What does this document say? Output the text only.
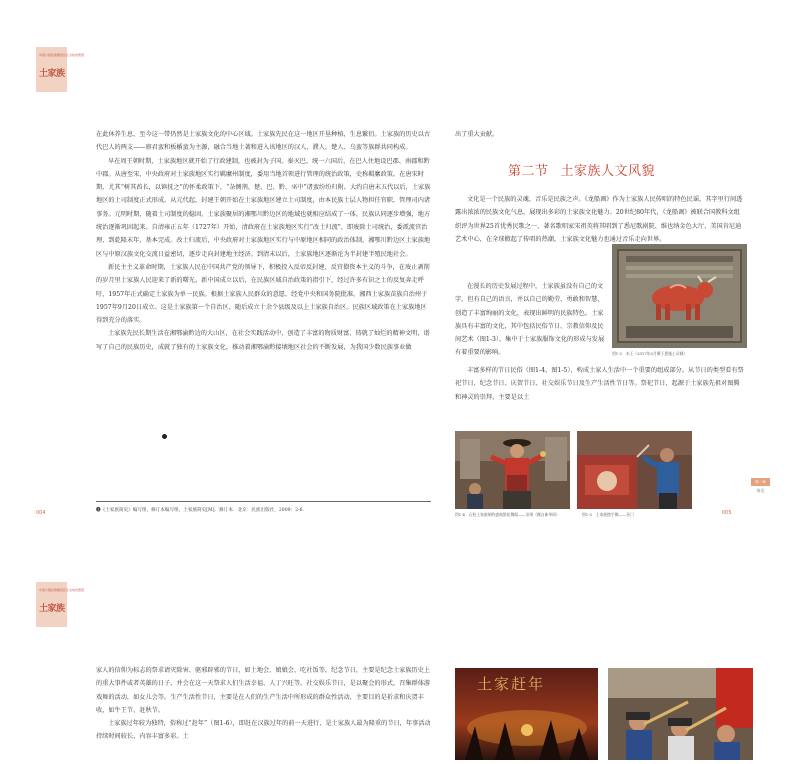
中国少数民族聚居区生态地质图册
土家族

在此休养生息，至今这一带仍然是土家族文化的中心区域。土家族先民在这一地区开垦种植，生息繁衍。土家族的历史以古代巴人的两支——廪君蛮和板楯蛮为主源，融合当地土著和进入该地区的汉人、濮人、楚人、乌蛮等族群共同构成。

早在周王朝时期，土家族地区就开始了行政建制，也被封为子国。秦灭巴，统一六国后，在巴人住地设巴郡、南郡和黔中郡。从唐至宋，中央政府对土家族地区实行羁縻州制度，委用当地首领进行管理的统治政策，史称羁縻政策。在唐宋时期，尤其“树其酋长，以镇抚之”的怀柔政策下，“杂侧荆、楚、巴、黔、巫中”诸蛮纷纷归附。大约自唐末五代以后，土家族地区的土司制度正式形成。从元代起，封建王朝开始在土家族地区建立土司制度，由本民族土层人物担任官职，管理司内诸事务。元明时期，随着土司制度的稳固，土家族聚居的湘鄂川黔边区的地域也就相应结成了一体，民族认同逐步增强，地方统治逐渐巩固起来。自清雍正五年（1727年）开始，清政府在土家族地区实行“改土归流”，即废除土司统治，委派流官治理，到乾隆末年，基本完成。改土归流后，中央政府对土家族地区实行与中原地区相同的政治体制，湘鄂川黔边区土家族地区与中原汉族文化交流日益密切，逐步走向封建地主经济。到清末以后，土家族地区逐渐沦为半封建半殖民地社会。

新民主主义革命时期，土家族人民在中国共产党的领导下，积极投入反帝反封建、反官僚资本主义的斗争，在废止剥削的岁月里土家族人民迎来了新的曙光。新中国成立以后，在民族区域自治政策的指引下，经过许多有识之士的反复奔走呼吁，1957年正式确定土家族为单一民族。根据土家族人民群众的意愿，经党中央和国务院批准，湘西土家族苗族自治州于1957年9月20日成立。这是土家族第一个自治区，随后成立十余个县级及以上土家族自治区。民族区域政策在土家族地区得到充分的落实。

土家族先民长期生活在湘鄂渝黔边的大山区，在社会实践活动中，创造了丰富的物质财富，铸就了灿烂的精神文明，谱写了自己的民族历史，成就了独有的土家族文化，推动着湘鄂渝黔接壤地区社会的不断发展，为我国少数民族事业做

❶《土家族简史》编写组，修订本编写组，土家族简史[M]．修订本．北京：民族出版社，2009：2-6．
004

出了重大贡献。

第二节 土家族人文风貌

文化是一个民族的灵魂，音乐是民族之声。《龙船调》作为土家族人民传唱的特色民谣，其字里行间透露出浓浓的民族文化气息，展现出多彩的土家族文化魅力。20世纪80年代，《龙船调》被联合国教科文组织评为世界25首优秀民歌之一，著名歌唱家宋祖英将其唱到了悉尼歌剧院、维也纳金色大厅、美国肯尼迪艺术中心，在全球掀起了传唱的热潮，土家族文化魅力也通过音乐走向世界。

在漫长的历史发展过程中，土家族虽没有自己的文字，但有自己的语言，并以自己的勤劳、勇敢和智慧，创造了丰富绚丽的文化，表现出鲜明的民族特色。土家族具有丰富的文化，其中包括民俗节日、宗教信仰及民间艺术（图1-3），集中于土家族服饰文化的形成与发展有着重要的影响。

丰富多样的节日民俗（图1-4、图1-5），构成土家人生活中一个重要的组成部分。从节日的类型看有祭祀节日、纪念节日、庆贺节日、社交娱乐节日及生产生活性节日等。祭祀节日，起源于土家族先祖对图腾和神灵的崇拜，主要是以土

图1-3　木王（2017年5月摄于恩施土司城）
图1-4　石柱土家族铜铃盛典祭祀舞蹈——巫师（摄自新华网）	图1-5　土家族摆手舞——巫门
第一章
绪论
005
中国少数民族聚居区生态地质图册
土家族

家人的信仰为标志的祭求请灾除害、驱邪辟邪的节日，如土地会、娘娘会、吃社饭等。纪念节日，主要是纪念土家族历史上的重大事件或者英雄的日子，并会在这一天祭求人们生活幸福、人丁兴旺等。社交娱乐节日，是以聚会的形式，召集群体游戏舞的活动，如女儿会等。生产生活性节日，主要是在人们的生产生活中所形成的群众性活动，主要目的是祈求和庆贺丰收，如牛王节、赶秋节。

土家族过年较为独特，俗称过“赶年”（图1-6），即赶在汉族过年的前一天进行，是土家族人最为隆重的节日，年事活动持续时间较长，内容丰富多彩。土

土家赶年
